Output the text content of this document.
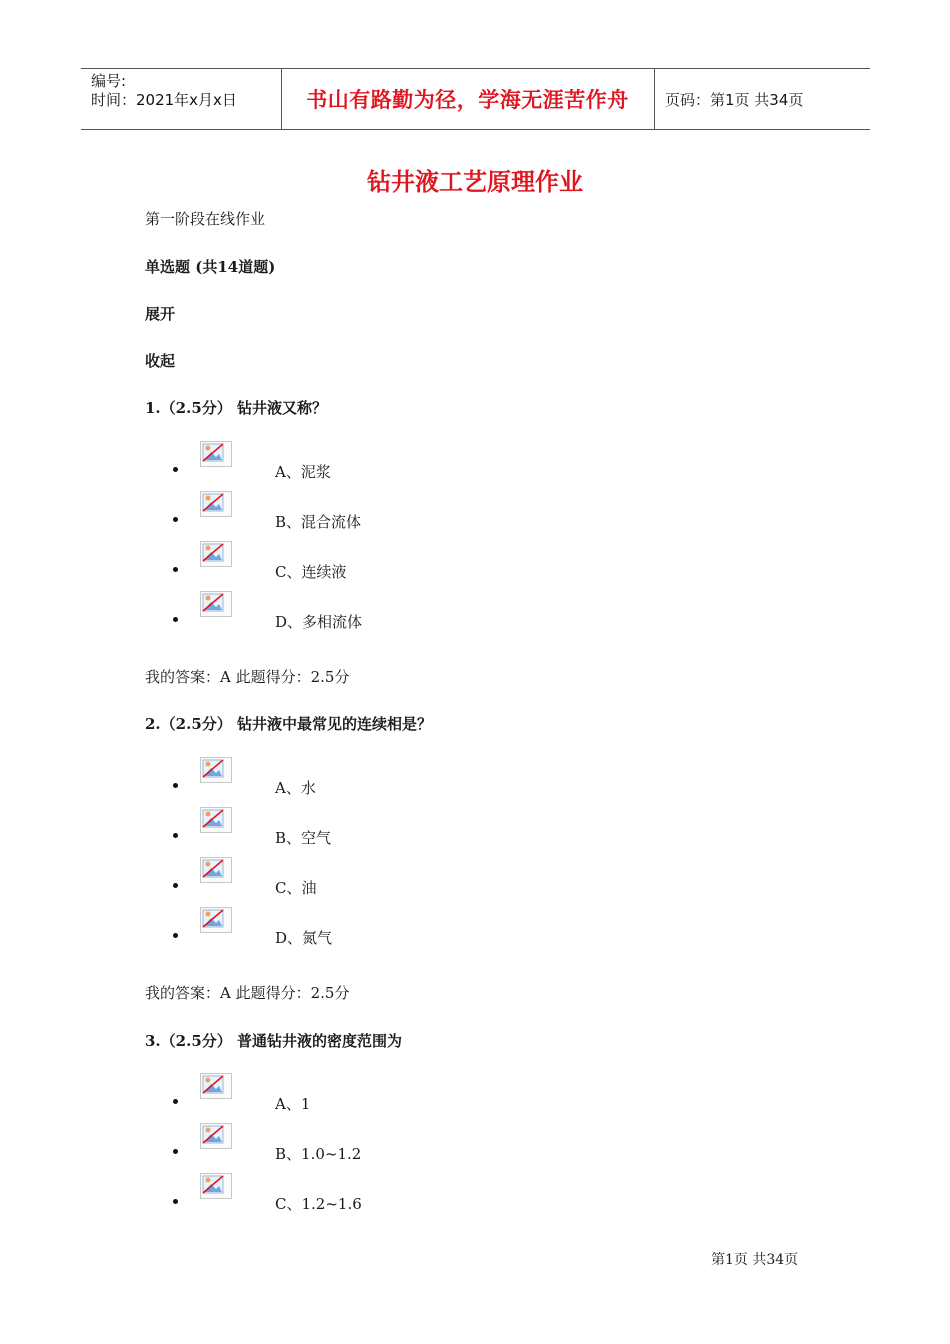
编号:
时间：2021年x月x日	书山有路勤为径，学海无涯苦作舟 页码：第1页 共34页
钻井液工艺原理作业
第一阶段在线作业
单选题 (共14道题)
展开
收起
1.（2.5分） 钻井液又称？
A、泥浆
B、混合流体
C、连续液
D、多相流体
我的答案：A 此题得分：2.5分
2.（2.5分） 钻井液中最常见的连续相是？
A、水
B、空气
C、油
D、氮气
我的答案：A 此题得分：2.5分
3.（2.5分） 普通钻井液的密度范围为
A、1
B、1.0~1.2
C、1.2~1.6
第1页 共34页
